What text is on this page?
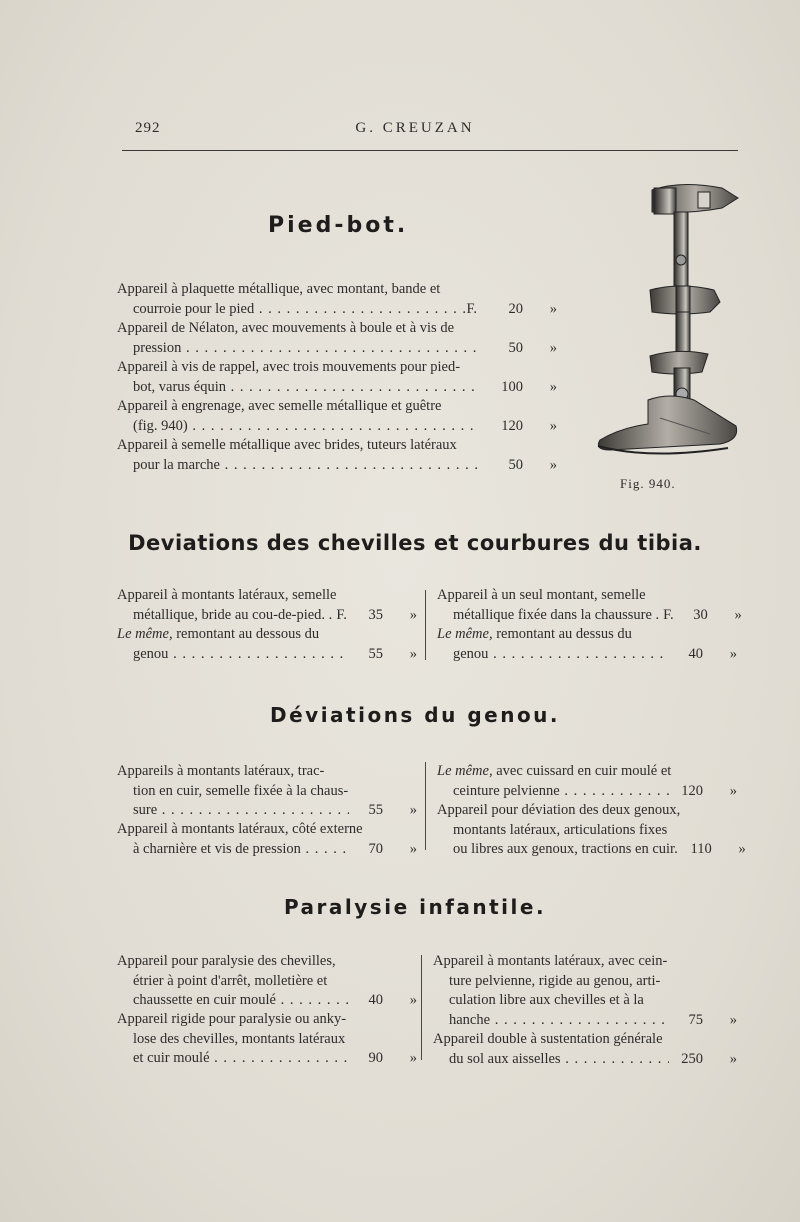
292	G. CREUZAN
Pied-bot.
Appareil à plaquette métallique, avec montant, bande et
courroie pour le pied . . .	F.	20	»
Appareil de Nélaton, avec mouvements à boule et à vis de
pression . . .	50	»
Appareil à vis de rappel, avec trois mouvements pour pied-
bot, varus équin . . .	100	»
Appareil à engrenage, avec semelle métallique et guêtre
(fig. 940) . . .	120	»
Appareil à semelle métallique avec brides, tuteurs latéraux
pour la marche . . .	50	»
Fig. 940.
Deviations des chevilles et courbures du tibia.
Appareil à montants latéraux, semelle
métallique, bride au cou-de-pied. . F.	35	»
Le même, remontant au dessous du
genou . . .	55	»
Appareil à un seul montant, semelle
métallique fixée dans la chaussure . F.	30	»
Le même, remontant au dessus du
genou . . .	40	»
Déviations du genou.
Appareils à montants latéraux, trac-
tion en cuir, semelle fixée à la chaus-
sure . . .	55	»
Appareil à montants latéraux, côté externe
à charnière et vis de pression . . .	70	»
Le même, avec cuissard en cuir moulé et
ceinture pelvienne . . .	120	»
Appareil pour déviation des deux genoux,
montants latéraux, articulations fixes
ou libres aux genoux, tractions en cuir. 110	»
Paralysie infantile.
Appareil pour paralysie des chevilles,
étrier à point d'arrêt, molletière et
chaussette en cuir moulé . . .	40	»
Appareil rigide pour paralysie ou anky-
lose des chevilles, montants latéraux
et cuir moulé . . .	90	»
Appareil à montants latéraux, avec cein-
ture pelvienne, rigide au genou, arti-
culation libre aux chevilles et à la
hanche . . .	75	»
Appareil double à sustentation générale
du sol aux aisselles . . .	250	»
